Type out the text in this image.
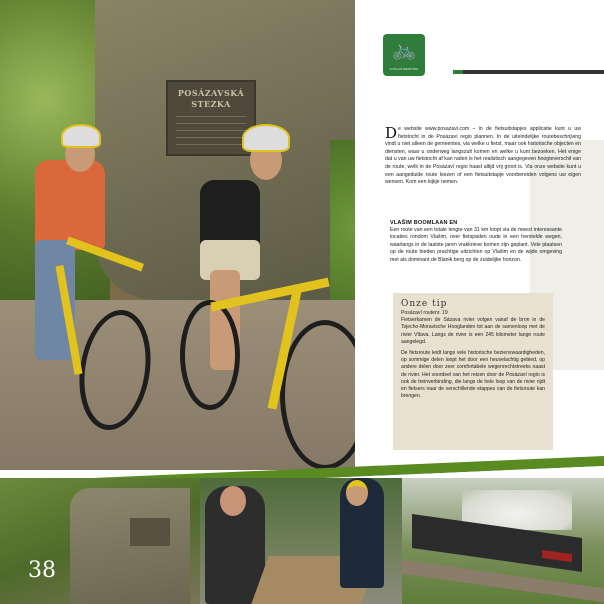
POSÁZAVSKÁ
STEZKA
🚲
CYKLOTURISTIKA
De website www.posazavi.com – in de fietsuitstapjes applicatie kunt u uw fietstocht in de Posázaví regio plannen. In de uiteindelijke routebeschrijving vindt u niet alleen de gemeentes, via welke u fietst, maar ook historische objecten en diensten, waar u onderweg langszult komen en welke u kunt bezoeken. Het enige dat u van uw fietstocht af kan raden is het realistisch aangegeven hoogteverschil van de route, welk in de Posázaví regio haast altijd vrij groot is. Via onze website kunt u een aangeduide route kiezen of een fietsuitstapje voorbereiden volgens uw eigen wensen. Kom een kijkje nemen.
VLAŠIM BOOMLAAN EN
Een route van een totale lengte van 31 km loopt via de meest interessante locaties rondom Vlašim, over fietspaden oude in een herstelde wegen, waarlangs in de laatste jaren vrakkrieve bomen zijn geplant. Vele plaatsen op de route bieden prachtige uitzichten op Vlašim en de wijde omgeving met als dominant de Blanik berg op de zuidelijke horizon.
Onze tip

Posázaví routenr. 19

Fietserkamen de Sázava rivier volgen vanaf de bron in de Tsjecho-Moravische Hooglanden tot aan de samenloop met de rivier Vltava. Langs de rivier is een 245 kilometer lange route aangelegd.

De fietsroute leidt langs vele historische bezienswaardigheden, op sommige delen loopt het door een heuvelachtig gebied, op andere delen door zeer comfortabele wegenrechtstreeks naast de rivier. Het voordeel van het reizen door de Posázaví regio is ook de treinverbinding, die langs de hele loop van de rivier rijdt en fietsers naar de verschillende etappes van de fietsroute kan brengen.

38
